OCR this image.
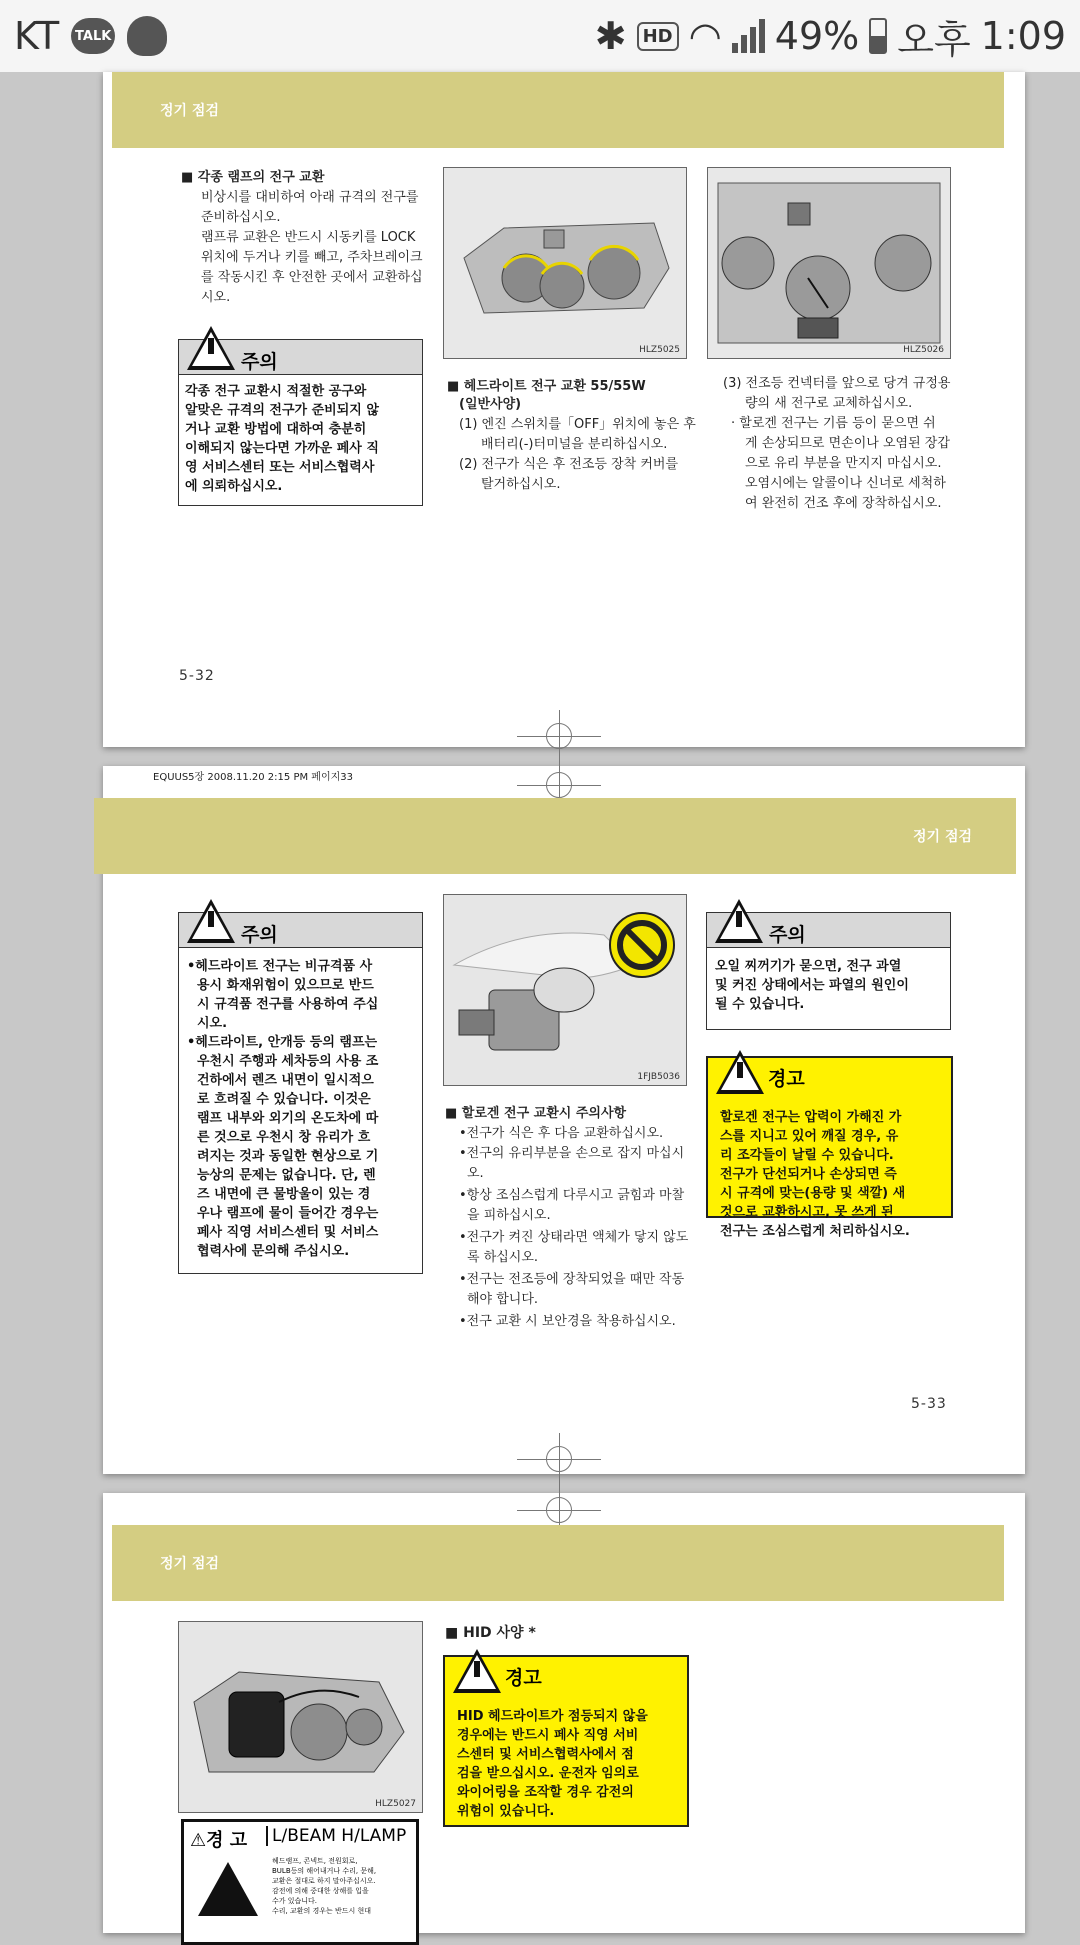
KT TALK	✱ HD ◠ 49% 오후 1:09
정기 점검
■ 각종 램프의 전구 교환
비상시를 대비하여 아래 규격의 전구를
준비하십시오.
램프류 교환은 반드시 시동키를 LOCK
위치에 두거나 키를 빼고, 주차브레이크
를 작동시킨 후 안전한 곳에서 교환하십
시오.
주의
각종 전구 교환시 적절한 공구와
알맞은 규격의 전구가 준비되지 않
거나 교환 방법에 대하여 충분히
이해되지 않는다면 가까운 페사 직
영 서비스센터 또는 서비스협력사
에 의뢰하십시오.
HLZ5025	HLZ5026
■ 헤드라이트 전구 교환 55/55W
(일반사양)
(1) 엔진 스위치를「OFF」위치에 놓은 후
배터리(-)터미널을 분리하십시오.
(2) 전구가 식은 후 전조등 장착 커버를
탈거하십시오.
(3) 전조등 컨넥터를 앞으로 당겨 규정용
량의 새 전구로 교체하십시오.
· 할로겐 전구는 기름 등이 묻으면 쉬
게 손상되므로 면손이나 오염된 장갑
으로 유리 부분을 만지지 마십시오.
오염시에는 알콜이나 신너로 세척하
여 완전히 건조 후에 장착하십시오.
5-32
EQUUS5장 2008.11.20 2:15 PM 페이지33
정기 점검
주의
•헤드라이트 전구는 비규격품 사
용시 화재위험이 있으므로 반드
시 규격품 전구를 사용하여 주십
시오.
•헤드라이트, 안개등 등의 램프는
우천시 주행과 세차등의 사용 조
건하에서 렌즈 내면이 일시적으
로 흐려질 수 있습니다. 이것은
램프 내부와 외기의 온도차에 따
른 것으로 우천시 창 유리가 흐
려지는 것과 동일한 현상으로 기
능상의 문제는 없습니다. 단, 렌
즈 내면에 큰 물방울이 있는 경
우나 램프에 물이 들어간 경우는
페사 직영 서비스센터 및 서비스
협력사에 문의해 주십시오.
1FJB5036
■ 할로겐 전구 교환시 주의사항
•전구가 식은 후 다음 교환하십시오.
•전구의 유리부분을 손으로 잡지 마십시
오.
•항상 조심스럽게 다루시고 긁힘과 마찰
을 피하십시오.
•전구가 켜진 상태라면 액체가 닿지 않도
록 하십시오.
•전구는 전조등에 장착되었을 때만 작동
해야 합니다.
•전구 교환 시 보안경을 착용하십시오.
주의
오일 찌꺼기가 묻으면, 전구 과열
및 커진 상태에서는 파열의 원인이
될 수 있습니다.
경고
할로겐 전구는 압력이 가해진 가
스를 지니고 있어 깨질 경우, 유
리 조각들이 날릴 수 있습니다.
전구가 단선되거나 손상되면 즉
시 규격에 맞는(용량 및 색깔) 새
것으로 교환하시고, 못 쓰게 된
전구는 조심스럽게 처리하십시오.
5-33
정기 점검
HLZ5027
■ HID 사양 *
경고
HID 헤드라이트가 점등되지 않을
경우에는 반드시 페사 직영 서비
스센터 및 서비스협력사에서 점
검을 받으십시오. 운전자 임의로
와이어링을 조작할 경우 감전의
위험이 있습니다.
⚠경 고	L/BEAM H/LAMP
헤드램프, 콘넥트, 전원회로,
BULB등의 해어내거나 수리, 문해,
교환은 절대로 하지 말아주십시오.
감전에 의해 중대한 상해를 입을
수가 있습니다.
수리, 교환의 경우는 반드시 현대
